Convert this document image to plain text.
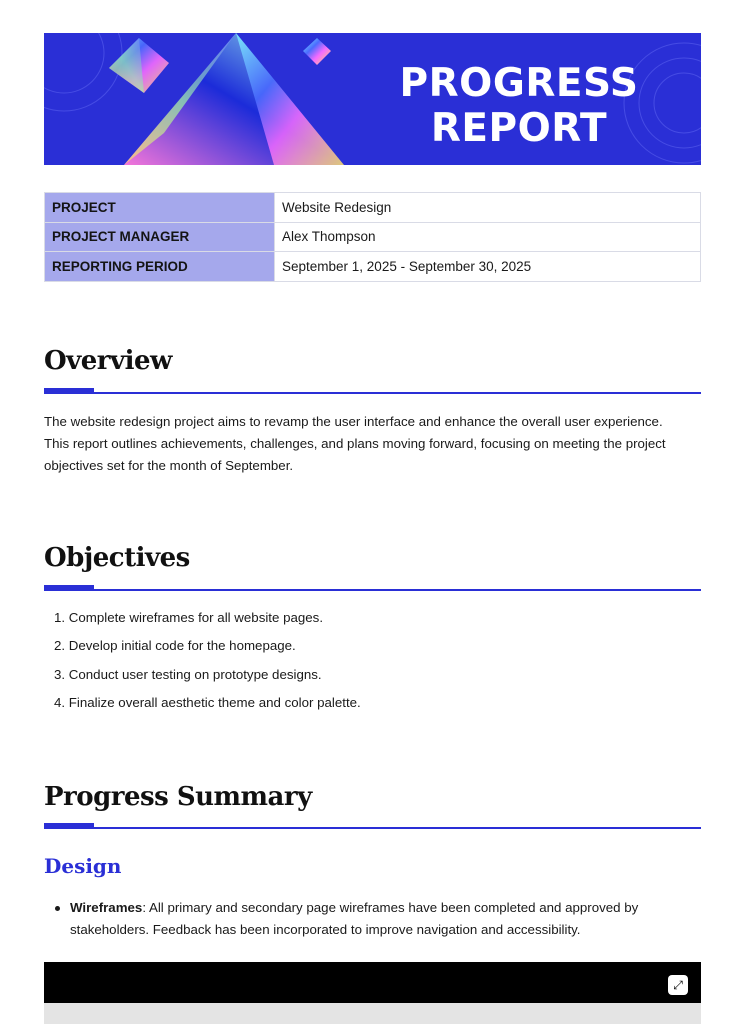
PROGRESS
REPORT
PROJECT	Website Redesign
PROJECT MANAGER	Alex Thompson
REPORTING PERIOD	September 1, 2025 - September 30, 2025
Overview
The website redesign project aims to revamp the user interface and enhance the overall user experience.
This report outlines achievements, challenges, and plans moving forward, focusing on meeting the project
objectives set for the month of September.
Objectives
1. Complete wireframes for all website pages.
2. Develop initial code for the homepage.
3. Conduct user testing on prototype designs.
4. Finalize overall aesthetic theme and color palette.
Progress Summary
Design
Wireframes: All primary and secondary page wireframes have been completed and approved by
stakeholders. Feedback has been incorporated to improve navigation and accessibility.
⤢
